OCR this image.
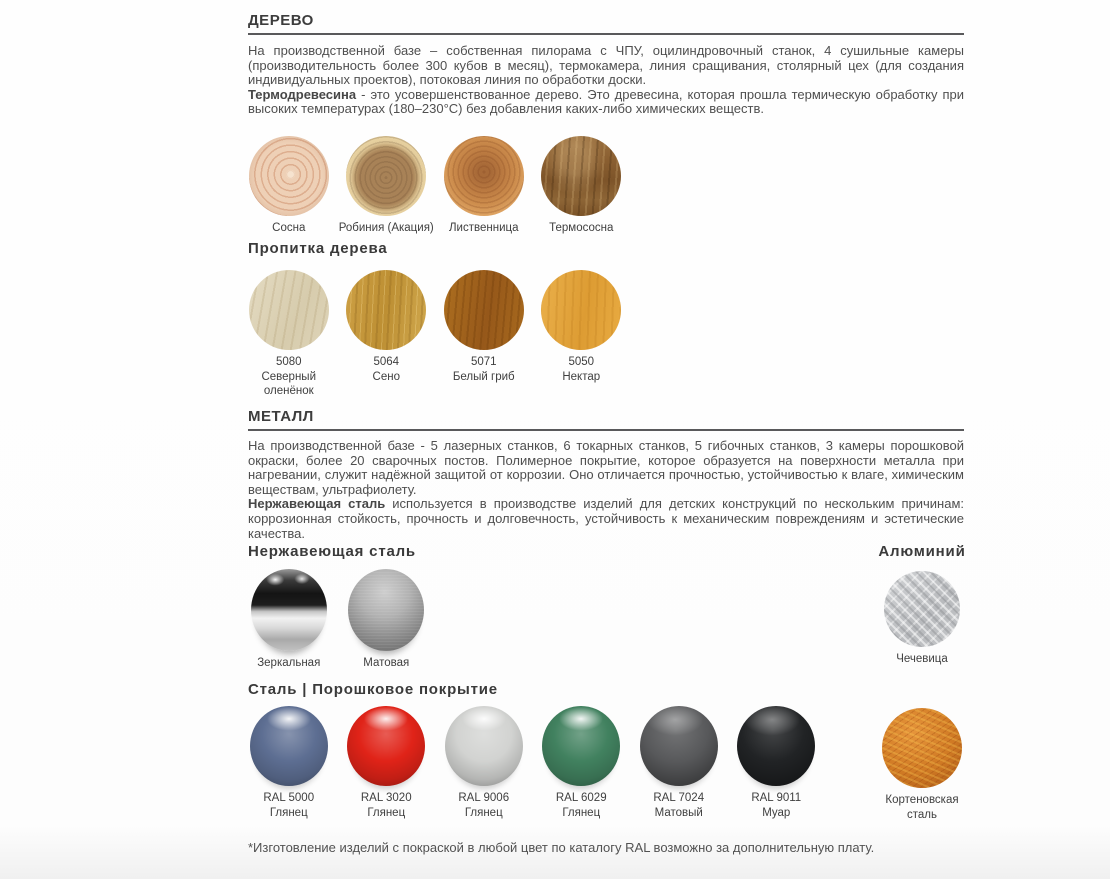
ДЕРЕВО

На производственной базе – собственная пилорама с ЧПУ, оцилиндровочный станок, 4 сушильные камеры (производительность более 300 кубов в месяц), термокамера, линия сращивания, столярный цех (для создания индивидуальных проектов), потоковая линия по обработки доски.

Термодревесина - это усовершенствованное дерево. Это древесина, которая прошла термическую обработку при высоких температурах (180–230°C) без добавления каких-либо химических веществ.

Сосна	Робиния (Акация)	Лиственница	Термососна
Пропитка дерева
5080
Северный оленёнок
5064
Сено
5071
Белый гриб
5050
Нектар
МЕТАЛЛ

На производственной базе - 5 лазерных станков, 6 токарных станков, 5 гибочных станков, 3 камеры порошковой окраски, более 20 сварочных постов. Полимерное покрытие, которое образуется на поверхности металла при нагревании, служит надёжной защитой от коррозии. Оно отличается прочностью, устойчивостью к влаге, химическим веществам, ультрафиолету.

Нержавеющая сталь используется в производстве изделий для детских конструкций по нескольким причинам: коррозионная стойкость, прочность и долговечность, устойчивость к механическим повреждениям и эстетические качества.

Нержавеющая сталь	Алюминий
Зеркальная	Матовая	Чечевица
Сталь | Порошковое покрытие
RAL 5000
Глянец
RAL 3020
Глянец
RAL 9006
Глянец
RAL 6029
Глянец
RAL 7024
Матовый
RAL 9011
Муар
Кортеновская сталь
*Изготовление изделий с покраской в любой цвет по каталогу RAL возможно за дополнительную плату.
